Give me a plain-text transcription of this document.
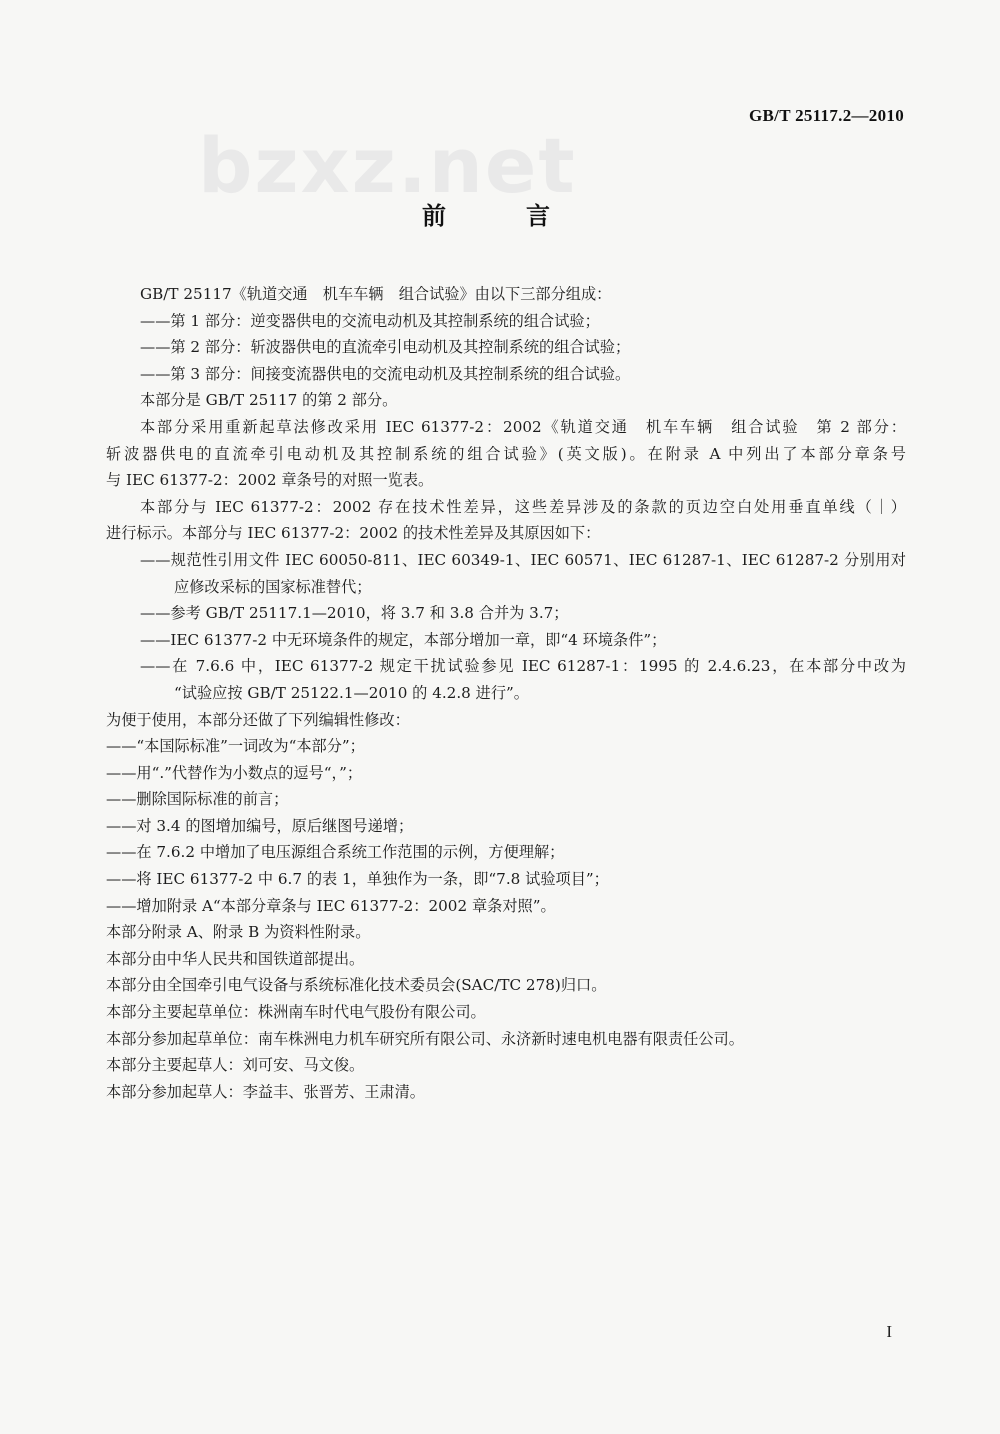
GB/T 25117.2—2010
bzxz.net
前　言
GB/T 25117《轨道交通　机车车辆　组合试验》由以下三部分组成：
——第 1 部分：逆变器供电的交流电动机及其控制系统的组合试验；
——第 2 部分：斩波器供电的直流牵引电动机及其控制系统的组合试验；
——第 3 部分：间接变流器供电的交流电动机及其控制系统的组合试验。
本部分是 GB/T 25117 的第 2 部分。
本部分采用重新起草法修改采用 IEC 61377-2：2002《轨道交通　机车车辆　组合试验　第 2 部分：
斩波器供电的直流牵引电动机及其控制系统的组合试验》(英文版)。在附录 A 中列出了本部分章条号
与 IEC 61377-2：2002 章条号的对照一览表。
本部分与 IEC 61377-2：2002 存在技术性差异，这些差异涉及的条款的页边空白处用垂直单线（｜）
进行标示。本部分与 IEC 61377-2：2002 的技术性差异及其原因如下：
——规范性引用文件 IEC 60050-811、IEC 60349-1、IEC 60571、IEC 61287-1、IEC 61287-2 分别用对
应修改采标的国家标准替代；
——参考 GB/T 25117.1—2010，将 3.7 和 3.8 合并为 3.7；
——IEC 61377-2 中无环境条件的规定，本部分增加一章，即“4 环境条件”；
——在 7.6.6 中，IEC 61377-2 规定干扰试验参见 IEC 61287-1：1995 的 2.4.6.23，在本部分中改为
“试验应按 GB/T 25122.1—2010 的 4.2.8 进行”。
为便于使用，本部分还做了下列编辑性修改：
——“本国际标准”一词改为“本部分”；
——用“.”代替作为小数点的逗号“，”；
——删除国际标准的前言；
——对 3.4 的图增加编号，原后继图号递增；
——在 7.6.2 中增加了电压源组合系统工作范围的示例，方便理解；
——将 IEC 61377-2 中 6.7 的表 1，单独作为一条，即“7.8 试验项目”；
——增加附录 A“本部分章条与 IEC 61377-2：2002 章条对照”。
本部分附录 A、附录 B 为资料性附录。
本部分由中华人民共和国铁道部提出。
本部分由全国牵引电气设备与系统标准化技术委员会(SAC/TC 278)归口。
本部分主要起草单位：株洲南车时代电气股份有限公司。
本部分参加起草单位：南车株洲电力机车研究所有限公司、永济新时速电机电器有限责任公司。
本部分主要起草人：刘可安、马文俊。
本部分参加起草人：李益丰、张晋芳、王肃清。
I
